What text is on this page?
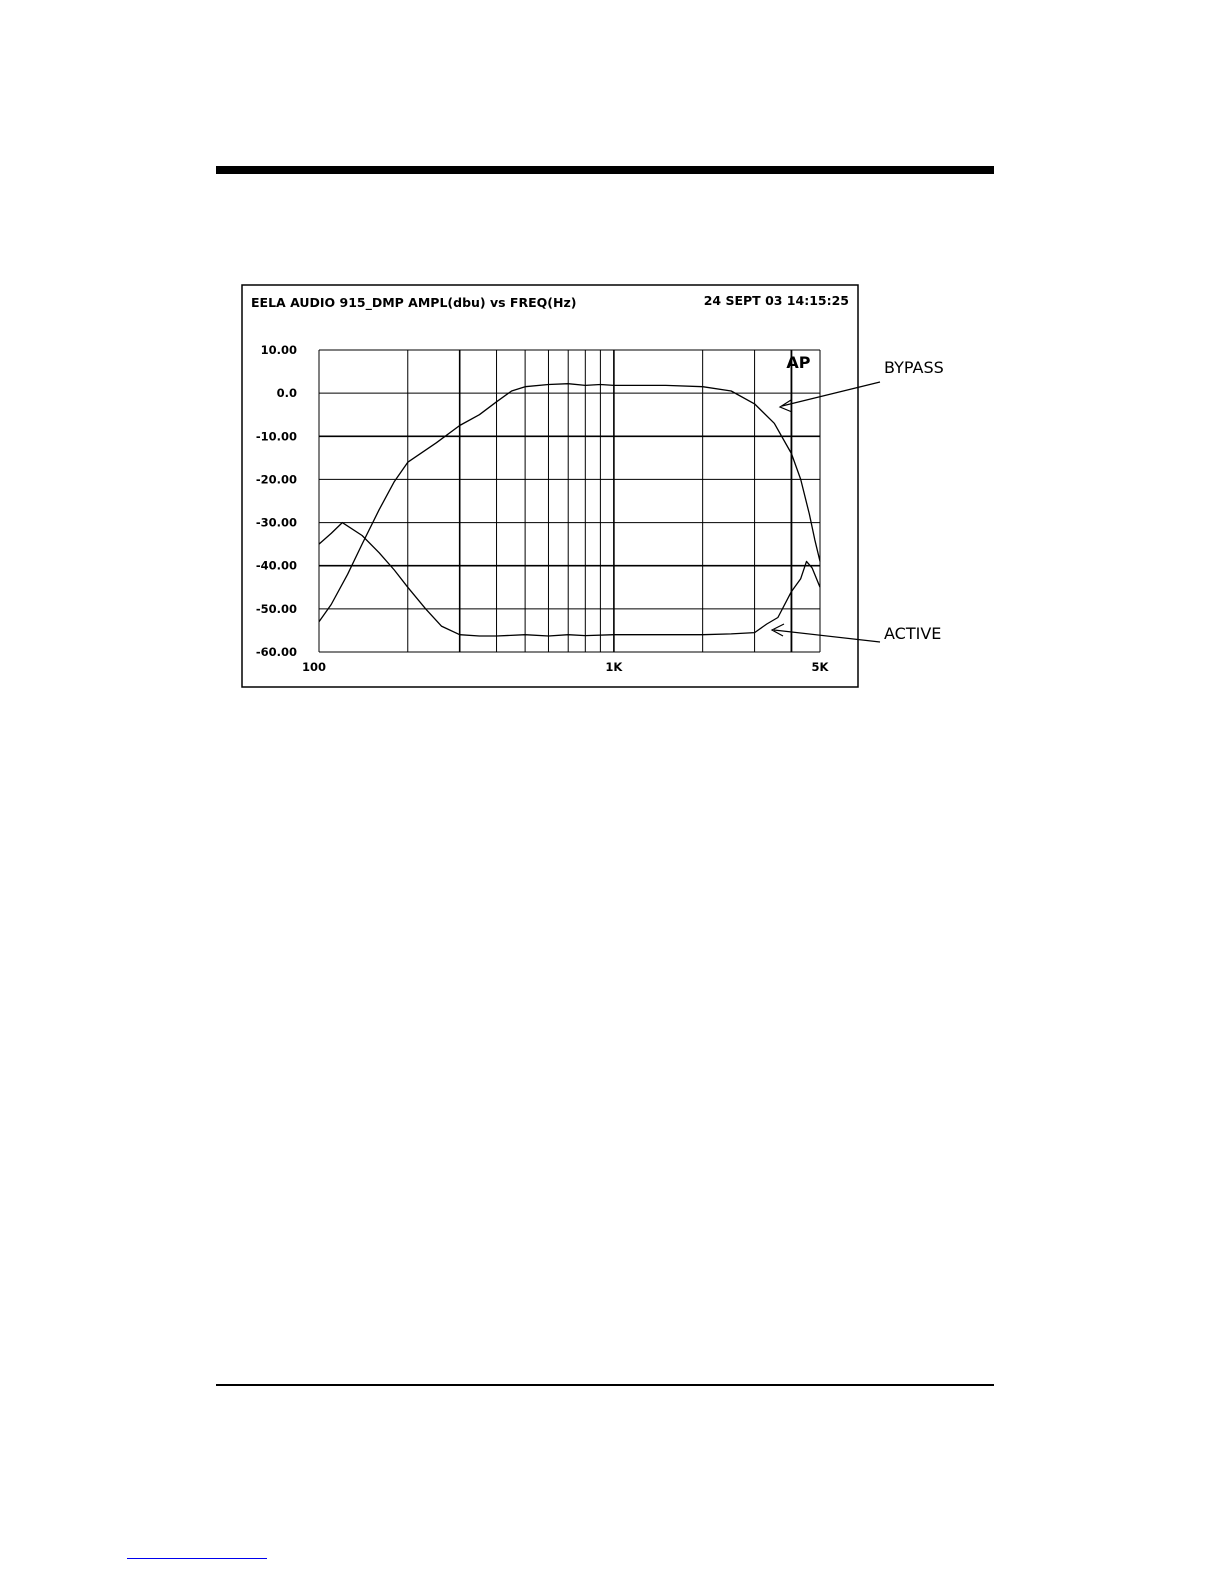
EELA AUDIO 915_DMP AMPL(dbu) vs FREQ(Hz)	24 SEPT 03 14:15:25
10.00
0.0
-10.00
-20.00
-30.00
-40.00
-50.00
-60.00
100	1K	5K
AP	BYPASS
ACTIVE
